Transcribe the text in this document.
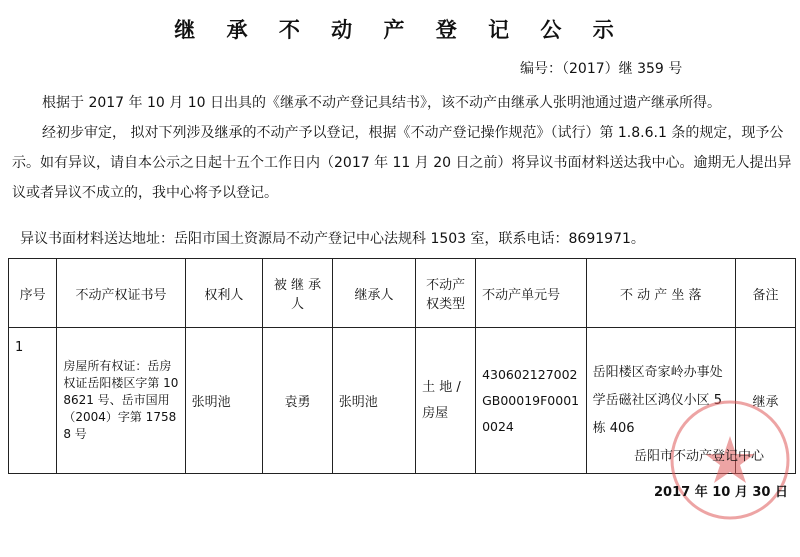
继 承 不 动 产 登 记 公 示
编号：（2017）继 359 号
根据于 2017 年 10 月 10 日出具的《继承不动产登记具结书》，该不动产由继承人张明池通过遗产继承所得。
经初步审定， 拟对下列涉及继承的不动产予以登记，根据《不动产登记操作规范》（试行）第 1.8.6.1 条的规定，现予公示。如有异议，请自本公示之日起十五个工作日内（2017 年 11 月 20 日之前）将异议书面材料送达我中心。逾期无人提出异议或者异议不成立的，我中心将予以登记。
异议书面材料送达地址：岳阳市国土资源局不动产登记中心法规科 1503 室，联系电话：8691971。
序号	不动产权证书号	权利人	被 继 承 人	继承人	不动产权类型	不动产单元号	不 动 产 坐 落	备注
1	房屋所有权证：岳房权证岳阳楼区字第 108621 号、岳市国用（2004）字第 17588 号	张明池	袁勇	张明池	土 地 / 房屋	430602127002GB00019F00010024	岳阳楼区奇家岭办事处学岳磁社区鸿仪小区 5 栋 406	继承
岳阳市不动产登记中心
2017 年 10 月 30 日
